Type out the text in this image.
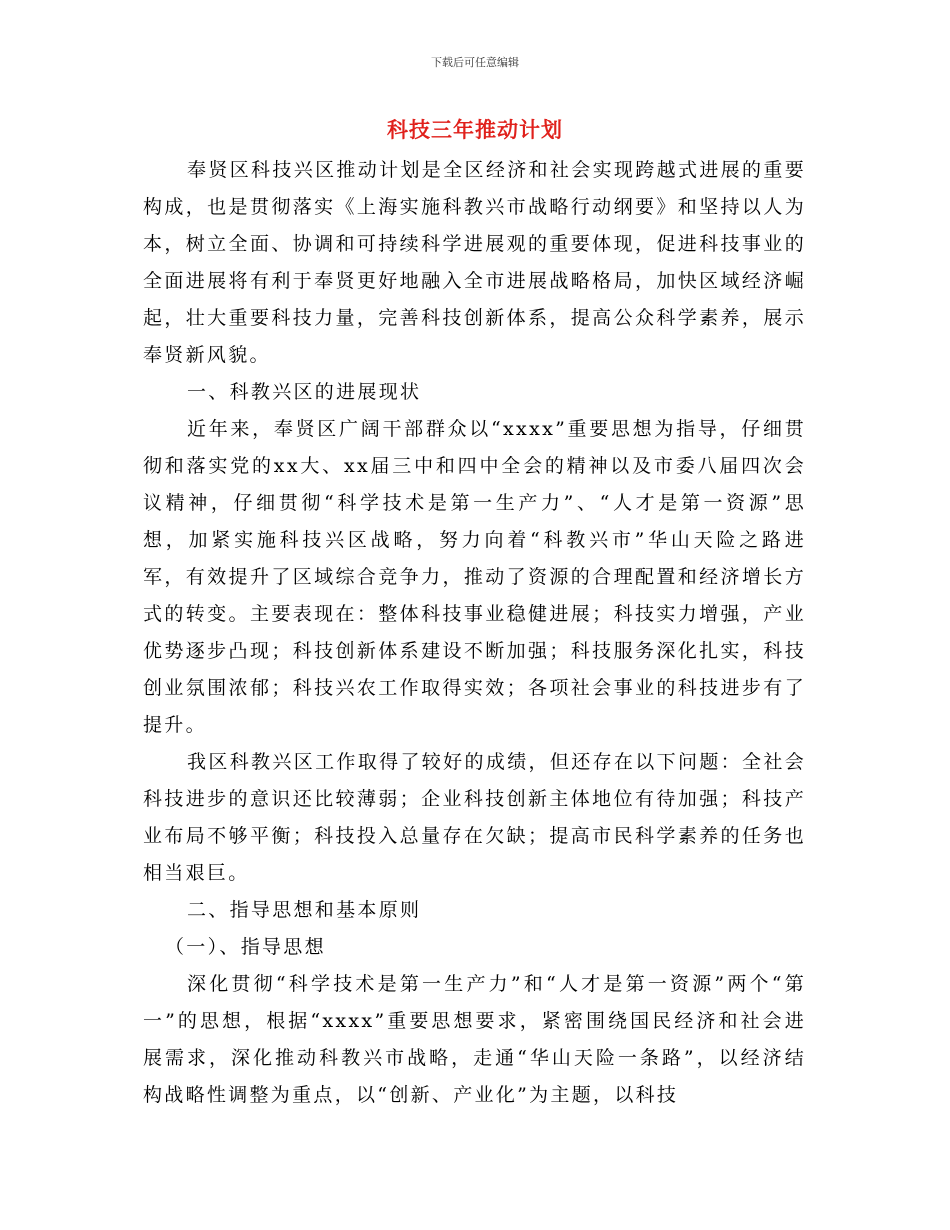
下载后可任意编辑
科技三年推动计划

奉贤区科技兴区推动计划是全区经济和社会实现跨越式进展的重要构成，也是贯彻落实《上海实施科教兴市战略行动纲要》和坚持以人为本，树立全面、协调和可持续科学进展观的重要体现，促进科技事业的全面进展将有利于奉贤更好地融入全市进展战略格局，加快区域经济崛起，壮大重要科技力量，完善科技创新体系，提高公众科学素养，展示奉贤新风貌。

一、科教兴区的进展现状

近年来，奉贤区广阔干部群众以“xxxx”重要思想为指导，仔细贯彻和落实党的xx大、xx届三中和四中全会的精神以及市委八届四次会议精神，仔细贯彻“科学技术是第一生产力”、“人才是第一资源”思想，加紧实施科技兴区战略，努力向着“科教兴市”华山天险之路进军，有效提升了区域综合竞争力，推动了资源的合理配置和经济增长方式的转变。主要表现在：整体科技事业稳健进展；科技实力增强，产业优势逐步凸现；科技创新体系建设不断加强；科技服务深化扎实，科技创业氛围浓郁；科技兴农工作取得实效；各项社会事业的科技进步有了提升。

我区科教兴区工作取得了较好的成绩，但还存在以下问题：全社会科技进步的意识还比较薄弱；企业科技创新主体地位有待加强；科技产业布局不够平衡；科技投入总量存在欠缺；提高市民科学素养的任务也相当艰巨。

二、指导思想和基本原则

（一）、指导思想

深化贯彻“科学技术是第一生产力”和“人才是第一资源”两个“第一”的思想，根据“xxxx”重要思想要求，紧密围绕国民经济和社会进展需求，深化推动科教兴市战略，走通“华山天险一条路”，以经济结构战略性调整为重点，以“创新、产业化”为主题，以科技
